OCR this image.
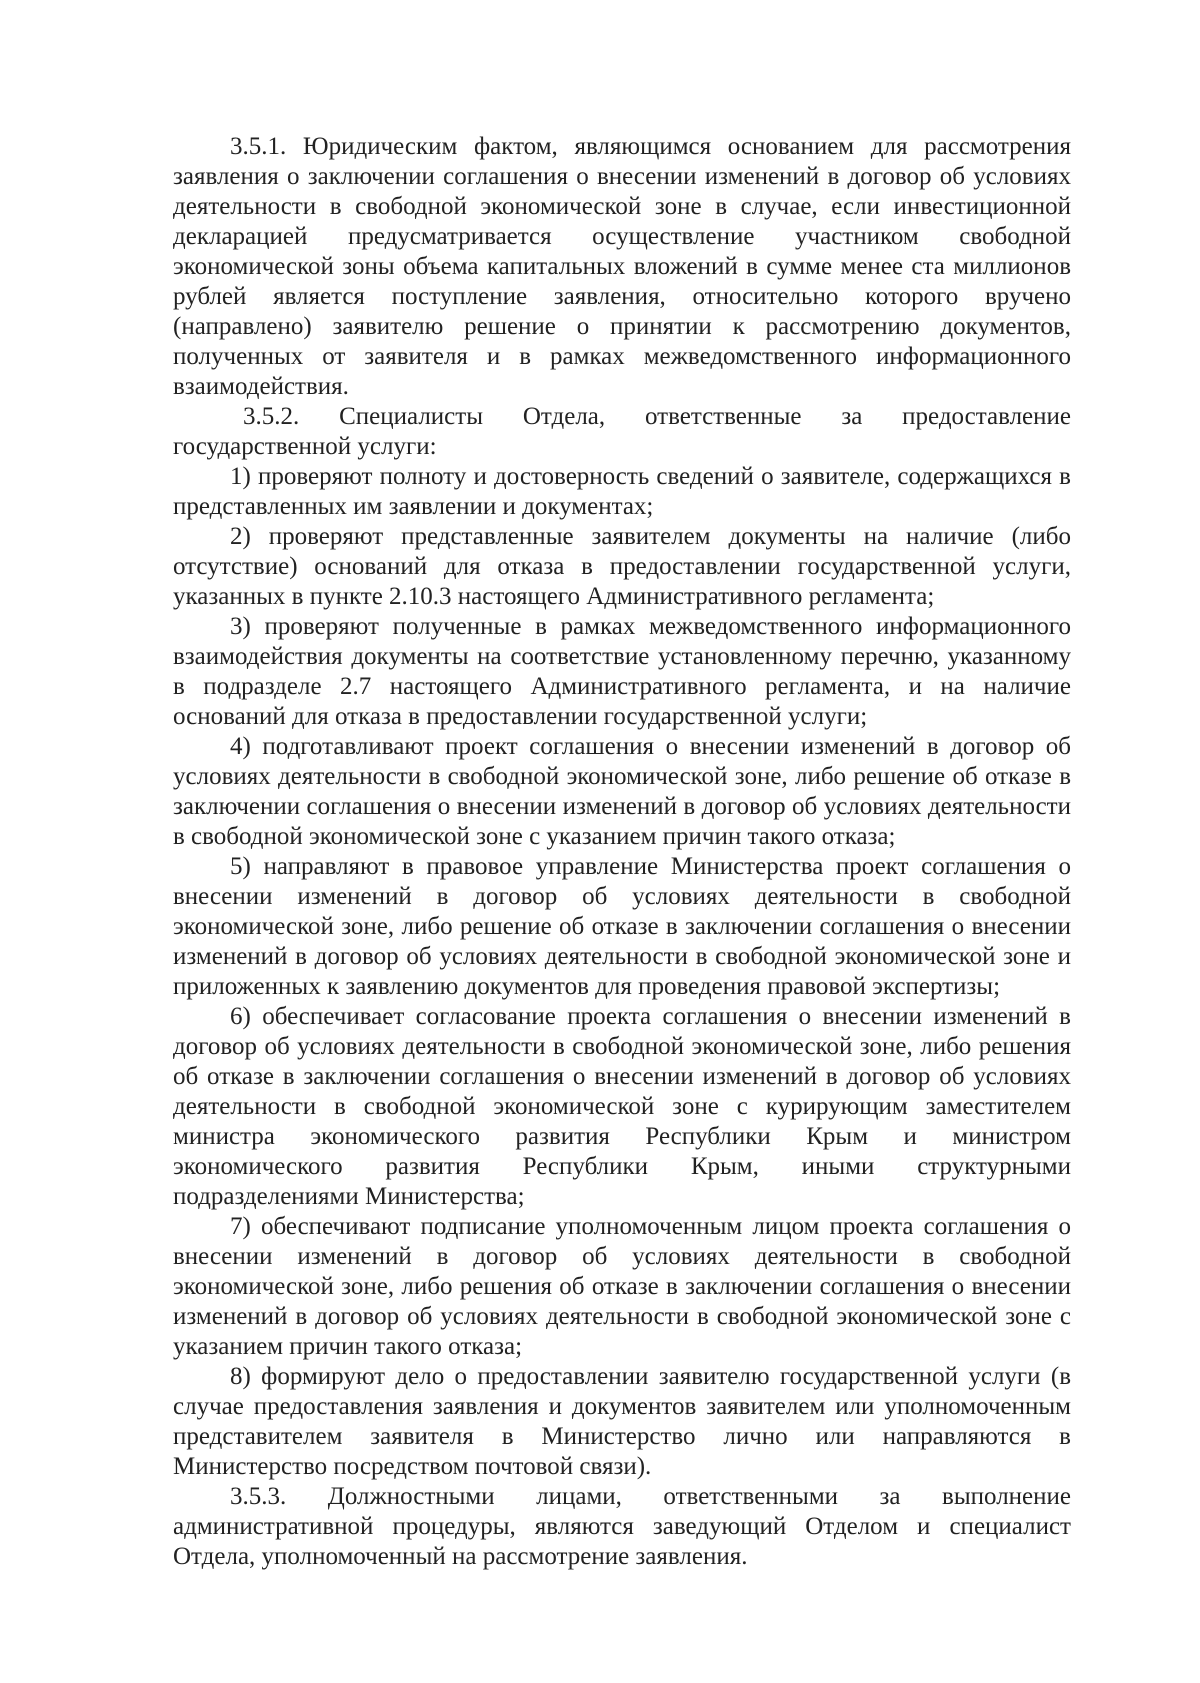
3.5.1. Юридическим фактом, являющимся основанием для рассмотрения заявления о заключении соглашения о внесении изменений в договор об условиях деятельности в свободной экономической зоне в случае, если инвестиционной декларацией предусматривается осуществление участником свободной экономической зоны объема капитальных вложений в сумме менее ста миллионов рублей является поступление заявления, относительно которого вручено (направлено) заявителю решение о принятии к рассмотрению документов, полученных от заявителя и в рамках межведомственного информационного взаимодействия.

3.5.2. Специалисты Отдела, ответственные за предоставление государственной услуги:

1) проверяют полноту и достоверность сведений о заявителе, содержащихся в представленных им заявлении и документах;

2) проверяют представленные заявителем документы на наличие (либо отсутствие) оснований для отказа в предоставлении государственной услуги, указанных в пункте 2.10.3 настоящего Административного регламента;

3) проверяют полученные в рамках межведомственного информационного взаимодействия документы на соответствие установленному перечню, указанному в подразделе 2.7 настоящего Административного регламента, и на наличие оснований для отказа в предоставлении государственной услуги;

4) подготавливают проект соглашения о внесении изменений в договор об условиях деятельности в свободной экономической зоне, либо решение об отказе в заключении соглашения о внесении изменений в договор об условиях деятельности в свободной экономической зоне с указанием причин такого отказа;

5) направляют в правовое управление Министерства проект соглашения о внесении изменений в договор об условиях деятельности в свободной экономической зоне, либо решение об отказе в заключении соглашения о внесении изменений в договор об условиях деятельности в свободной экономической зоне и приложенных к заявлению документов для проведения правовой экспертизы;

6) обеспечивает согласование проекта соглашения о внесении изменений в договор об условиях деятельности в свободной экономической зоне, либо решения об отказе в заключении соглашения о внесении изменений в договор об условиях деятельности в свободной экономической зоне с курирующим заместителем министра экономического развития Республики Крым и министром экономического развития Республики Крым, иными структурными подразделениями Министерства;

7) обеспечивают подписание уполномоченным лицом проекта соглашения о внесении изменений в договор об условиях деятельности в свободной экономической зоне, либо решения об отказе в заключении соглашения о внесении изменений в договор об условиях деятельности в свободной экономической зоне с указанием причин такого отказа;

8) формируют дело о предоставлении заявителю государственной услуги (в случае предоставления заявления и документов заявителем или уполномоченным представителем заявителя в Министерство лично или направляются в Министерство посредством почтовой связи).

3.5.3. Должностными лицами, ответственными за выполнение административной процедуры, являются заведующий Отделом и специалист Отдела, уполномоченный на рассмотрение заявления.
